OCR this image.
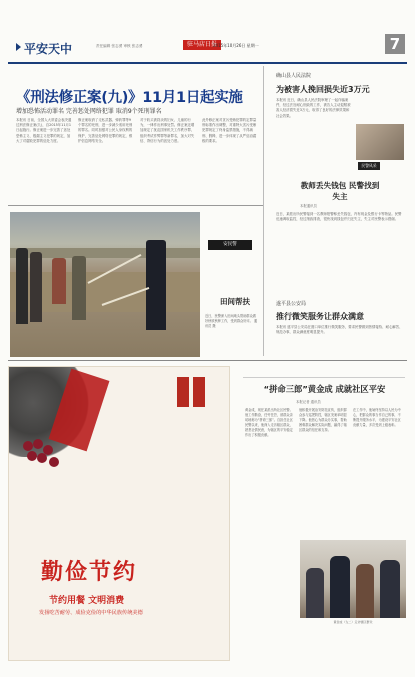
平安天中	责任编辑 张志勇 审核 张志勇	驻马店日报
2015年10月26日 星期一	7
《刑法修正案(九)》11月1日起实施
增加恐怖活动罪名 完善惩处网络犯罪 取消9个死刑罪名
本报讯 日前，全国人大常委会表决通过刑法修正案(九)，自2015年11月1日起施行。修正案进一步完善了惩处恐怖主义、极端主义犯罪的规定，加大了对腐败犯罪的惩处力度。
修正案取消了走私武器、弹药罪等9个罪名的死刑，进一步减少适用死刑的罪名。同时加强对公民人身权利的保护，完善惩处网络犯罪的规定，维护信息网络安全。
对于收买被拐卖的妇女、儿童的行为，一律作出刑事处罚。修正案还增加规定了扰乱国家机关工作秩序罪、组织考试作弊罪等新罪名，加大对失信、背信行为的惩处力度。
此外修正案对贪污受贿犯罪的定罪量刑标准作出调整，对重特大贪污受贿犯罪规定了终身监禁措施，不得减刑、假释，进一步体现了从严惩治腐败的要求。
安民警
田间帮扶
近日，民警深入田间地头帮助群众做好秋收秋种工作，受到群众好评。 通讯员 摄
确山县人民法院
为被害人挽回损失近3万元
本报讯 近日，确山县人民法院审理了一起诈骗案件，经过法官耐心细致的工作，被告人主动退赔被害人经济损失近3万元，取得了良好的法律效果和社会效果。
民警风采
教师丢失钱包 民警找到失主
本报通讯员
近日，某派出所民警接到一名教师报警称丢失钱包，内有现金及银行卡等物品。民警迅速调取监控，经过细致排查，很快找到钱包并归还失主，失主对民警表示感谢。
遂平县公安局
推行微笑服务让群众满意
本报讯 遂平县公安局在窗口单位推行微笑服务，要求民警做到热情接待、耐心解答、规范办事，群众满意度明显提升。
勤俭节约
节约用餐 文明消费
发扬吃苦耐劳、成俭克俭的中华民族传统美德
“拼命三郎”黄金成 成就社区平安
本报记者 通讯员
黄金成，现任某派出所社区民警。他工作勤奋，任劳任怨，被群众亲切地称为“拼命三郎”。自担任社区民警以来，他深入走访辖区群众，熟悉社情民意，为辖区的平安稳定作出了积极贡献。
他积极开展治安防范宣传，组织群众参与巡逻防控，辖区发案率明显下降。他热心为群众办实事，帮助困难群众解决实际问题，赢得了辖区群众的信任和支持。
在工作中，他始终坚持以人民为中心，把群众的事当作自己的事，不断提升服务水平，为建设平安社区贡献力量，多次受到上级表彰。
黄金成（左二）走访辖区群众
